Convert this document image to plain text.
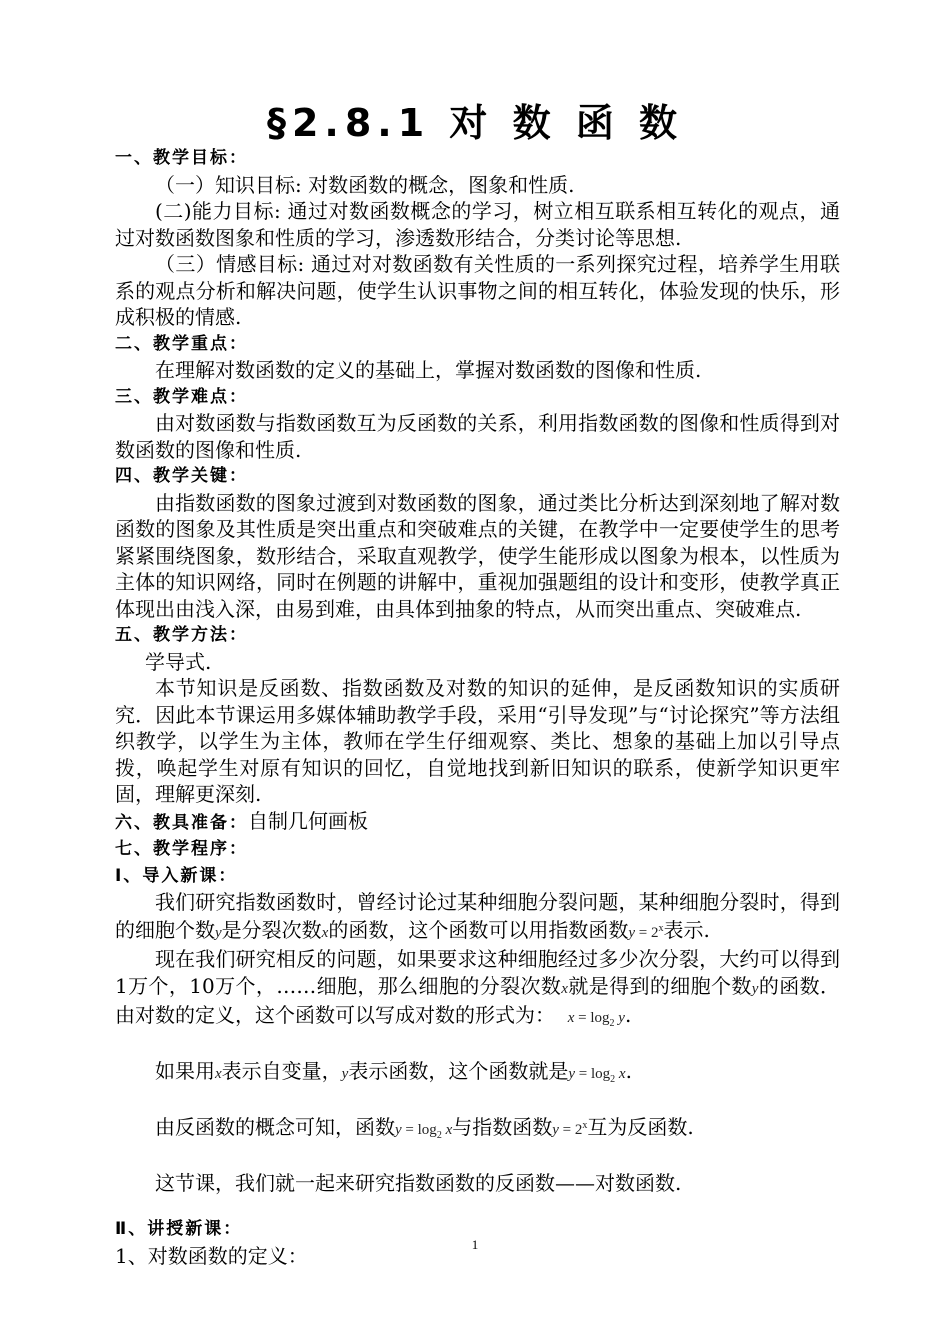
§2.8.1 对 数 函 数

一、教学目标：

（一）知识目标: 对数函数的概念，图象和性质.

(二)能力目标: 通过对数函数概念的学习，树立相互联系相互转化的观点，通过对数函数图象和性质的学习，渗透数形结合，分类讨论等思想.

（三）情感目标: 通过对对数函数有关性质的一系列探究过程，培养学生用联系的观点分析和解决问题，使学生认识事物之间的相互转化，体验发现的快乐，形成积极的情感.

二、教学重点：

在理解对数函数的定义的基础上，掌握对数函数的图像和性质.

三、教学难点：

由对数函数与指数函数互为反函数的关系，利用指数函数的图像和性质得到对数函数的图像和性质.

四、教学关键：

由指数函数的图象过渡到对数函数的图象，通过类比分析达到深刻地了解对数函数的图象及其性质是突出重点和突破难点的关键，在教学中一定要使学生的思考紧紧围绕图象，数形结合，采取直观教学，使学生能形成以图象为根本，以性质为主体的知识网络，同时在例题的讲解中，重视加强题组的设计和变形，使教学真正体现出由浅入深，由易到难，由具体到抽象的特点，从而突出重点、突破难点.

五、教学方法：

学导式.

本节知识是反函数、指数函数及对数的知识的延伸，是反函数知识的实质研究．因此本节课运用多媒体辅助教学手段，采用“引导发现”与“讨论探究”等方法组织教学，以学生为主体，教师在学生仔细观察、类比、想象的基础上加以引导点拨，唤起学生对原有知识的回忆，自觉地找到新旧知识的联系，使新学知识更牢固，理解更深刻.

六、教具准备：自制几何画板

七、教学程序：

Ⅰ、导入新课：

我们研究指数函数时，曾经讨论过某种细胞分裂问题，某种细胞分裂时，得到的细胞个数y是分裂次数x的函数，这个函数可以用指数函数$y = 2^x$表示.

现在我们研究相反的问题，如果要求这种细胞经过多少次分裂，大约可以得到1万个，10万个，……细胞，那么细胞的分裂次数x就是得到的细胞个数y的函数．由对数的定义，这个函数可以写成对数的形式为： $x = \log_2 y$.

如果用x表示自变量，y表示函数，这个函数就是$y = \log_2 x$.

由反函数的概念可知，函数$y = \log_2 x$与指数函数$y = 2^x$互为反函数.

这节课，我们就一起来研究指数函数的反函数——对数函数.

Ⅱ、讲授新课：

1、对数函数的定义：	1
